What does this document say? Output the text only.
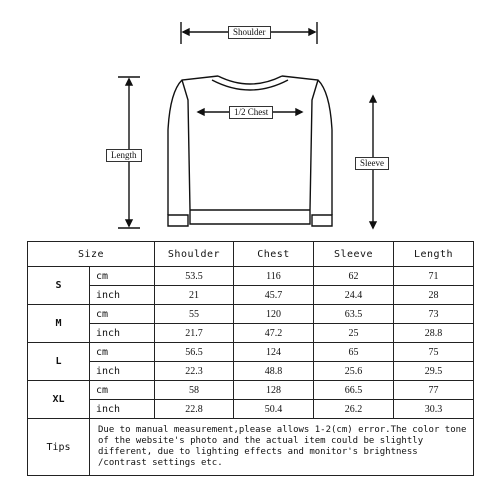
Shoulder
1/2 Chest
Length
Sleeve
Size		Shoulder	Chest	Sleeve	Length
S	cm	53.5	116	62	71
	inch	21	45.7	24.4	28
M	cm	55	120	63.5	73
	inch	21.7	47.2	25	28.8
L	cm	56.5	124	65	75
	inch	22.3	48.8	25.6	29.5
XL	cm	58	128	66.5	77
	inch	22.8	50.4	26.2	30.3
Tips	Due to manual measurement,please allows 1-2(cm) error.The color tone of the website's photo and the actual item could be slightly different, due to lighting effects and monitor's brightness /contrast settings etc.				
